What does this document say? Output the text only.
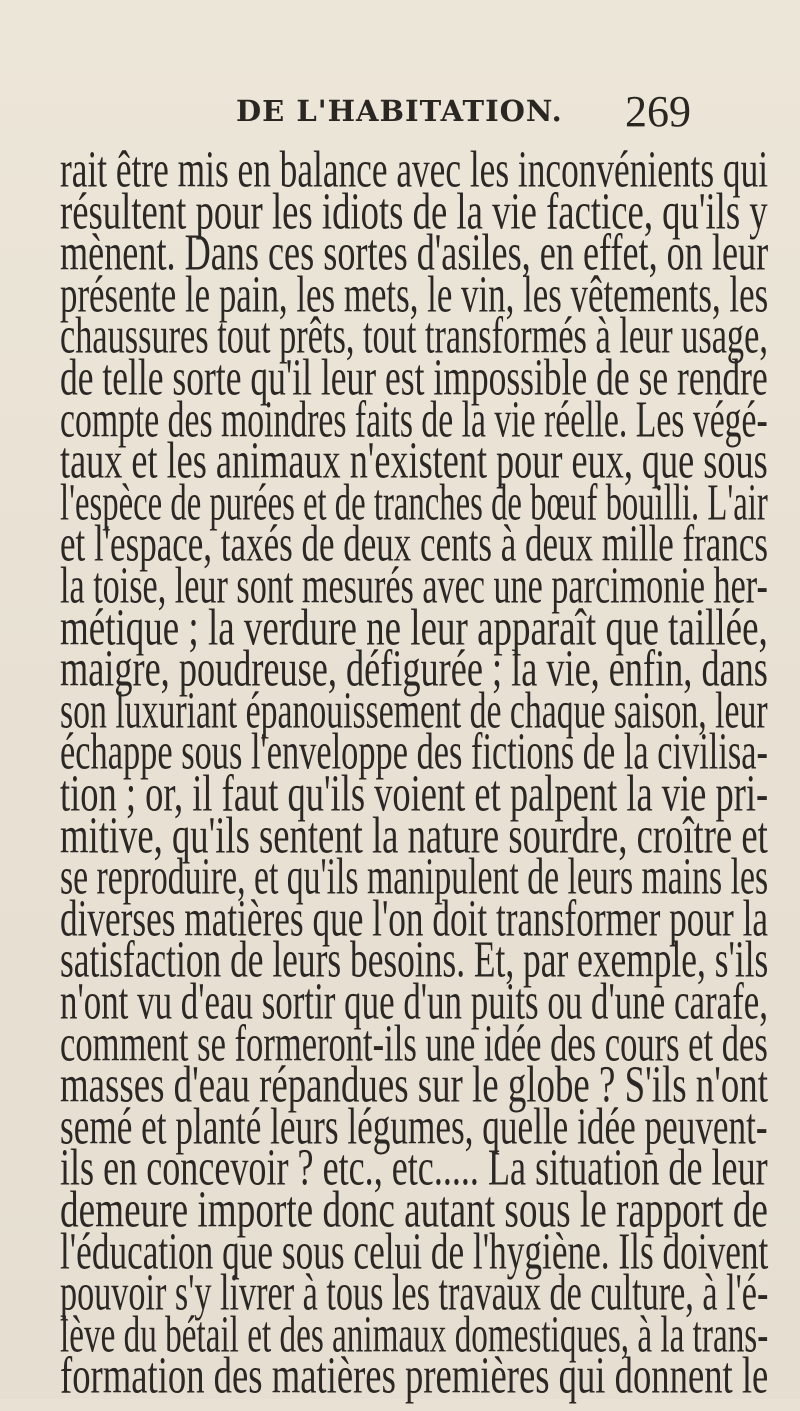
DE L'HABITATION. 269
rait être mis en balance avec les inconvénients qui
résultent pour les idiots de la vie factice, qu'ils y
mènent. Dans ces sortes d'asiles, en effet, on leur
présente le pain, les mets, le vin, les vêtements, les
chaussures tout prêts, tout transformés à leur usage,
de telle sorte qu'il leur est impossible de se rendre
compte des moindres faits de la vie réelle. Les végé-
taux et les animaux n'existent pour eux, que sous
l'espèce de purées et de tranches de bœuf bouilli. L'air
et l'espace, taxés de deux cents à deux mille francs
la toise, leur sont mesurés avec une parcimonie her-
métique ; la verdure ne leur apparaît que taillée,
maigre, poudreuse, défigurée ; la vie, enfin, dans
son luxuriant épanouissement de chaque saison, leur
échappe sous l'enveloppe des fictions de la civilisa-
tion ; or, il faut qu'ils voient et palpent la vie pri-
mitive, qu'ils sentent la nature sourdre, croître et
se reproduire, et qu'ils manipulent de leurs mains les
diverses matières que l'on doit transformer pour la
satisfaction de leurs besoins. Et, par exemple, s'ils
n'ont vu d'eau sortir que d'un puits ou d'une carafe,
comment se formeront-ils une idée des cours et des
masses d'eau répandues sur le globe ? S'ils n'ont
semé et planté leurs légumes, quelle idée peuvent-
ils en concevoir ? etc., etc..... La situation de leur
demeure importe donc autant sous le rapport de
l'éducation que sous celui de l'hygiène. Ils doivent
pouvoir s'y livrer à tous les travaux de culture, à l'é-
lève du bétail et des animaux domestiques, à la trans-
formation des matières premières qui donnent le
